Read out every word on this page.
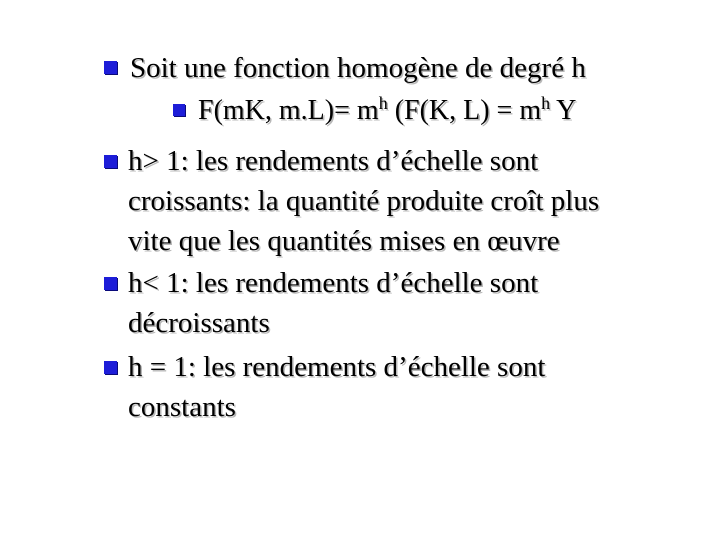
Soit une fonction homogène de degré h
F(mK, $m.L)= m^h$ (F(K, $L) = m^h$ Y
h> 1: les rendements d’échelle sont
croissants: la quantité produite croît plus
vite que les quantités mises en œuvre
h< 1: les rendements d’échelle sont
décroissants
h = 1: les rendements d’échelle sont
constants
